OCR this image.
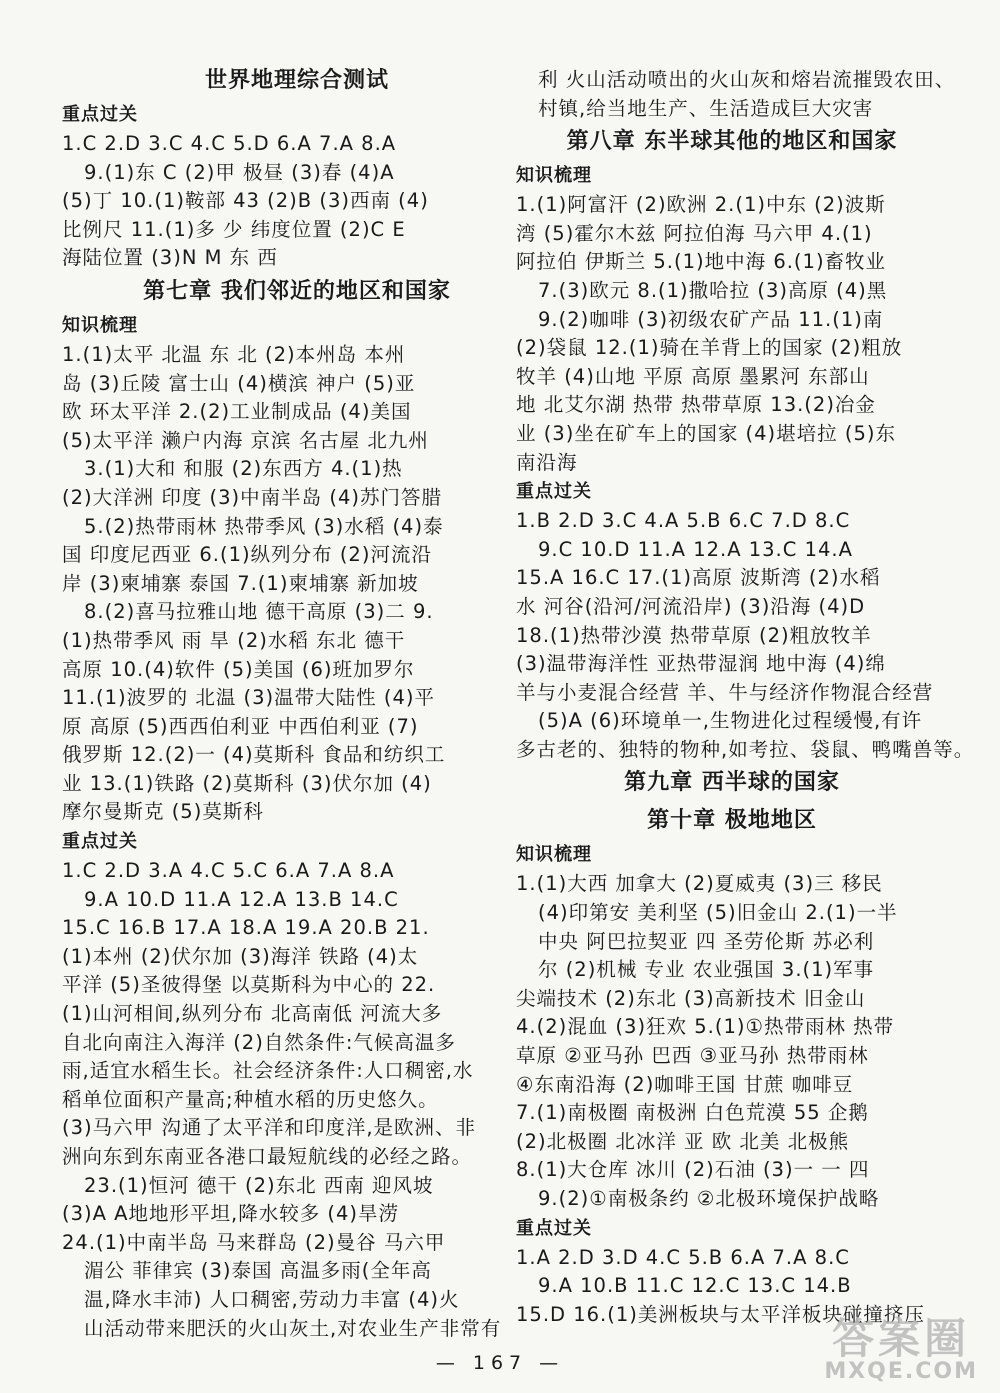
世界地理综合测试
重点过关
1.C 2.D 3.C 4.C 5.D 6.A 7.A 8.A
9.(1)东 C (2)甲 极昼 (3)春 (4)A
(5)丁 10.(1)鞍部 43 (2)B (3)西南 (4)
比例尺 11.(1)多 少 纬度位置 (2)C E
海陆位置 (3)N M 东 西
第七章 我们邻近的地区和国家
知识梳理
1.(1)太平 北温 东 北 (2)本州岛 本州
岛 (3)丘陵 富士山 (4)横滨 神户 (5)亚
欧 环太平洋 2.(2)工业制成品 (4)美国
(5)太平洋 濑户内海 京滨 名古屋 北九州
3.(1)大和 和服 (2)东西方 4.(1)热
(2)大洋洲 印度 (3)中南半岛 (4)苏门答腊
5.(2)热带雨林 热带季风 (3)水稻 (4)泰
国 印度尼西亚 6.(1)纵列分布 (2)河流沿
岸 (3)柬埔寨 泰国 7.(1)柬埔寨 新加坡
8.(2)喜马拉雅山地 德干高原 (3)二 9.
(1)热带季风 雨 旱 (2)水稻 东北 德干
高原 10.(4)软件 (5)美国 (6)班加罗尔
11.(1)波罗的 北温 (3)温带大陆性 (4)平
原 高原 (5)西西伯利亚 中西伯利亚 (7)
俄罗斯 12.(2)一 (4)莫斯科 食品和纺织工
业 13.(1)铁路 (2)莫斯科 (3)伏尔加 (4)
摩尔曼斯克 (5)莫斯科
重点过关
1.C 2.D 3.A 4.C 5.C 6.A 7.A 8.A
9.A 10.D 11.A 12.A 13.B 14.C
15.C 16.B 17.A 18.A 19.A 20.B 21.
(1)本州 (2)伏尔加 (3)海洋 铁路 (4)太
平洋 (5)圣彼得堡 以莫斯科为中心的 22.
(1)山河相间,纵列分布 北高南低 河流大多
自北向南注入海洋 (2)自然条件:气候高温多
雨,适宜水稻生长。社会经济条件:人口稠密,水
稻单位面积产量高;种植水稻的历史悠久。
(3)马六甲 沟通了太平洋和印度洋,是欧洲、非
洲向东到东南亚各港口最短航线的必经之路。
23.(1)恒河 德干 (2)东北 西南 迎风坡
(3)A A地地形平坦,降水较多 (4)旱涝
24.(1)中南半岛 马来群岛 (2)曼谷 马六甲
湄公 菲律宾 (3)泰国 高温多雨(全年高
温,降水丰沛) 人口稠密,劳动力丰富 (4)火
山活动带来肥沃的火山灰土,对农业生产非常有
利 火山活动喷出的火山灰和熔岩流摧毁农田、
村镇,给当地生产、生活造成巨大灾害
第八章 东半球其他的地区和国家
知识梳理
1.(1)阿富汗 (2)欧洲 2.(1)中东 (2)波斯
湾 (5)霍尔木兹 阿拉伯海 马六甲 4.(1)
阿拉伯 伊斯兰 5.(1)地中海 6.(1)畜牧业
7.(3)欧元 8.(1)撒哈拉 (3)高原 (4)黑
9.(2)咖啡 (3)初级农矿产品 11.(1)南
(2)袋鼠 12.(1)骑在羊背上的国家 (2)粗放
牧羊 (4)山地 平原 高原 墨累河 东部山
地 北艾尔湖 热带 热带草原 13.(2)冶金
业 (3)坐在矿车上的国家 (4)堪培拉 (5)东
南沿海
重点过关
1.B 2.D 3.C 4.A 5.B 6.C 7.D 8.C
9.C 10.D 11.A 12.A 13.C 14.A
15.A 16.C 17.(1)高原 波斯湾 (2)水稻
水 河谷(沿河/河流沿岸) (3)沿海 (4)D
18.(1)热带沙漠 热带草原 (2)粗放牧羊
(3)温带海洋性 亚热带湿润 地中海 (4)绵
羊与小麦混合经营 羊、牛与经济作物混合经营
(5)A (6)环境单一,生物进化过程缓慢,有许
多古老的、独特的物种,如考拉、袋鼠、鸭嘴兽等。
第九章 西半球的国家
第十章 极地地区
知识梳理
1.(1)大西 加拿大 (2)夏威夷 (3)三 移民
(4)印第安 美利坚 (5)旧金山 2.(1)一半
中央 阿巴拉契亚 四 圣劳伦斯 苏必利
尔 (2)机械 专业 农业强国 3.(1)军事
尖端技术 (2)东北 (3)高新技术 旧金山
4.(2)混血 (3)狂欢 5.(1)①热带雨林 热带
草原 ②亚马孙 巴西 ③亚马孙 热带雨林
④东南沿海 (2)咖啡王国 甘蔗 咖啡豆
7.(1)南极圈 南极洲 白色荒漠 55 企鹅
(2)北极圈 北冰洋 亚 欧 北美 北极熊
8.(1)大仓库 冰川 (2)石油 (3)一 一 四
9.(2)①南极条约 ②北极环境保护战略
重点过关
1.A 2.D 3.D 4.C 5.B 6.A 7.A 8.C
9.A 10.B 11.C 12.C 13.C 14.B
15.D 16.(1)美洲板块与太平洋板块碰撞挤压
— 167 —	答案圈
MXQE.COM
